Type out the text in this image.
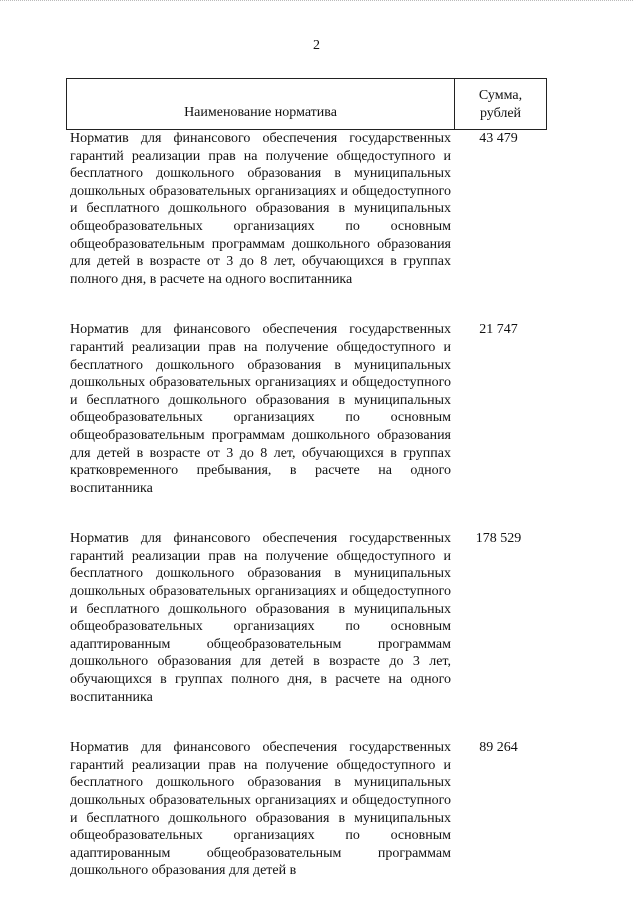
2
Наименование норматива
Сумма,
рублей

Норматив для финансового обеспечения государственных гарантий реализации прав на получение общедоступного и бесплатного дошкольного образования в муниципальных дошкольных образовательных организациях и общедоступного и бесплатного дошкольного образования в муниципальных общеобразовательных организациях по основным общеобразовательным программам дошкольного образования для детей в возрасте от 3 до 8 лет, обучающихся в группах полного дня, в расчете на одного воспитанника

43 479

Норматив для финансового обеспечения государственных гарантий реализации прав на получение общедоступного и бесплатного дошкольного образования в муниципальных дошкольных образовательных организациях и общедоступного и бесплатного дошкольного образования в муниципальных общеобразовательных организациях по основным общеобразовательным программам дошкольного образования для детей в возрасте от 3 до 8 лет, обучающихся в группах кратковременного пребывания, в расчете на одного воспитанника

21 747

Норматив для финансового обеспечения государственных гарантий реализации прав на получение общедоступного и бесплатного дошкольного образования в муниципальных дошкольных образовательных организациях и общедоступного и бесплатного дошкольного образования в муниципальных общеобразовательных организациях по основным адаптированным общеобразовательным программам дошкольного образования для детей в возрасте до 3 лет, обучающихся в группах полного дня, в расчете на одного воспитанника

178 529

Норматив для финансового обеспечения государственных гарантий реализации прав на получение общедоступного и бесплатного дошкольного образования в муниципальных дошкольных образовательных организациях и общедоступного и бесплатного дошкольного образования в муниципальных общеобразовательных организациях по основным адаптированным общеобразовательным программам дошкольного образования для детей в

89 264
